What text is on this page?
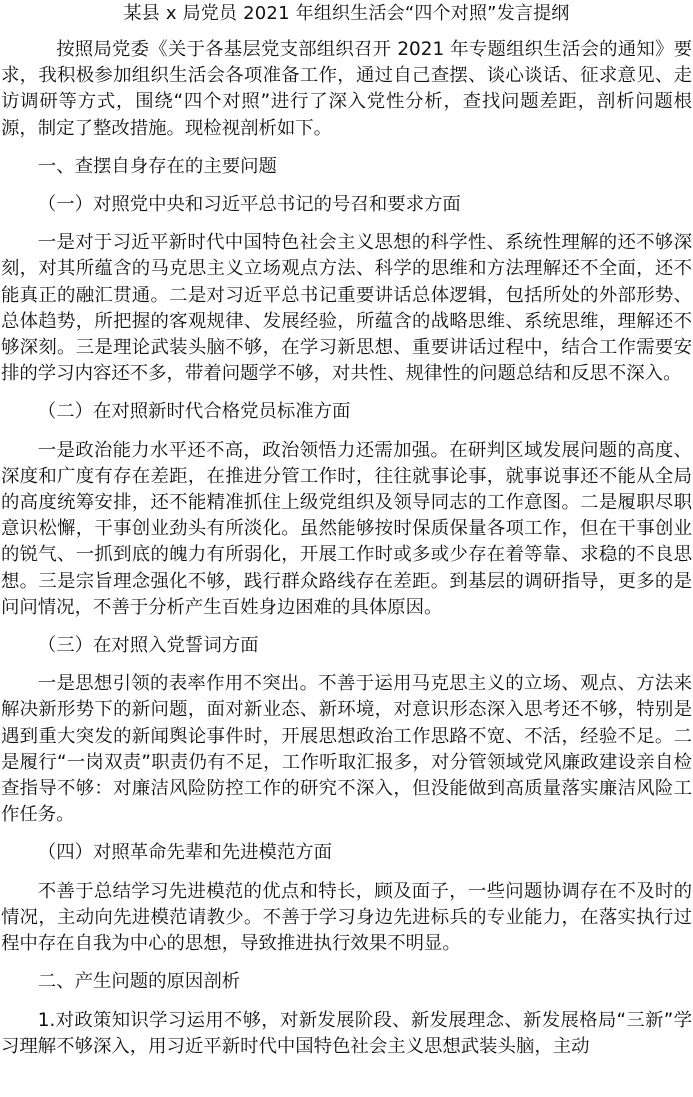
某县 x 局党员 2021 年组织生活会“四个对照”发言提纲

按照局党委《关于各基层党支部组织召开 2021 年专题组织生活会的通知》要求，我积极参加组织生活会各项准备工作，通过自己查摆、谈心谈话、征求意见、走访调研等方式，围绕“四个对照”进行了深入党性分析，查找问题差距，剖析问题根源，制定了整改措施。现检视剖析如下。

一、查摆自身存在的主要问题

（一）对照党中央和习近平总书记的号召和要求方面

一是对于习近平新时代中国特色社会主义思想的科学性、系统性理解的还不够深刻，对其所蕴含的马克思主义立场观点方法、科学的思维和方法理解还不全面，还不能真正的融汇贯通。二是对习近平总书记重要讲话总体逻辑，包括所处的外部形势、总体趋势，所把握的客观规律、发展经验，所蕴含的战略思维、系统思维，理解还不够深刻。三是理论武装头脑不够，在学习新思想、重要讲话过程中，结合工作需要安排的学习内容还不多，带着问题学不够，对共性、规律性的问题总结和反思不深入。

（二）在对照新时代合格党员标准方面

一是政治能力水平还不高，政治领悟力还需加强。在研判区域发展问题的高度、深度和广度有存在差距，在推进分管工作时，往往就事论事，就事说事还不能从全局的高度统筹安排，还不能精准抓住上级党组织及领导同志的工作意图。二是履职尽职意识松懈，干事创业劲头有所淡化。虽然能够按时保质保量各项工作，但在干事创业的锐气、一抓到底的魄力有所弱化，开展工作时或多或少存在着等靠、求稳的不良思想。三是宗旨理念强化不够，践行群众路线存在差距。到基层的调研指导，更多的是问问情况，不善于分析产生百姓身边困难的具体原因。

（三）在对照入党誓词方面

一是思想引领的表率作用不突出。不善于运用马克思主义的立场、观点、方法来解决新形势下的新问题，面对新业态、新环境，对意识形态深入思考还不够，特别是遇到重大突发的新闻舆论事件时，开展思想政治工作思路不宽、不活，经验不足。二是履行“一岗双责”职责仍有不足，工作听取汇报多，对分管领域党风廉政建设亲自检查指导不够：对廉洁风险防控工作的研究不深入，但没能做到高质量落实廉洁风险工作任务。

（四）对照革命先辈和先进模范方面

不善于总结学习先进模范的优点和特长，顾及面子，一些问题协调存在不及时的情况，主动向先进模范请教少。不善于学习身边先进标兵的专业能力，在落实执行过程中存在自我为中心的思想，导致推进执行效果不明显。

二、产生问题的原因剖析

1.对政策知识学习运用不够，对新发展阶段、新发展理念、新发展格局“三新”学习理解不够深入，用习近平新时代中国特色社会主义思想武装头脑，主动
